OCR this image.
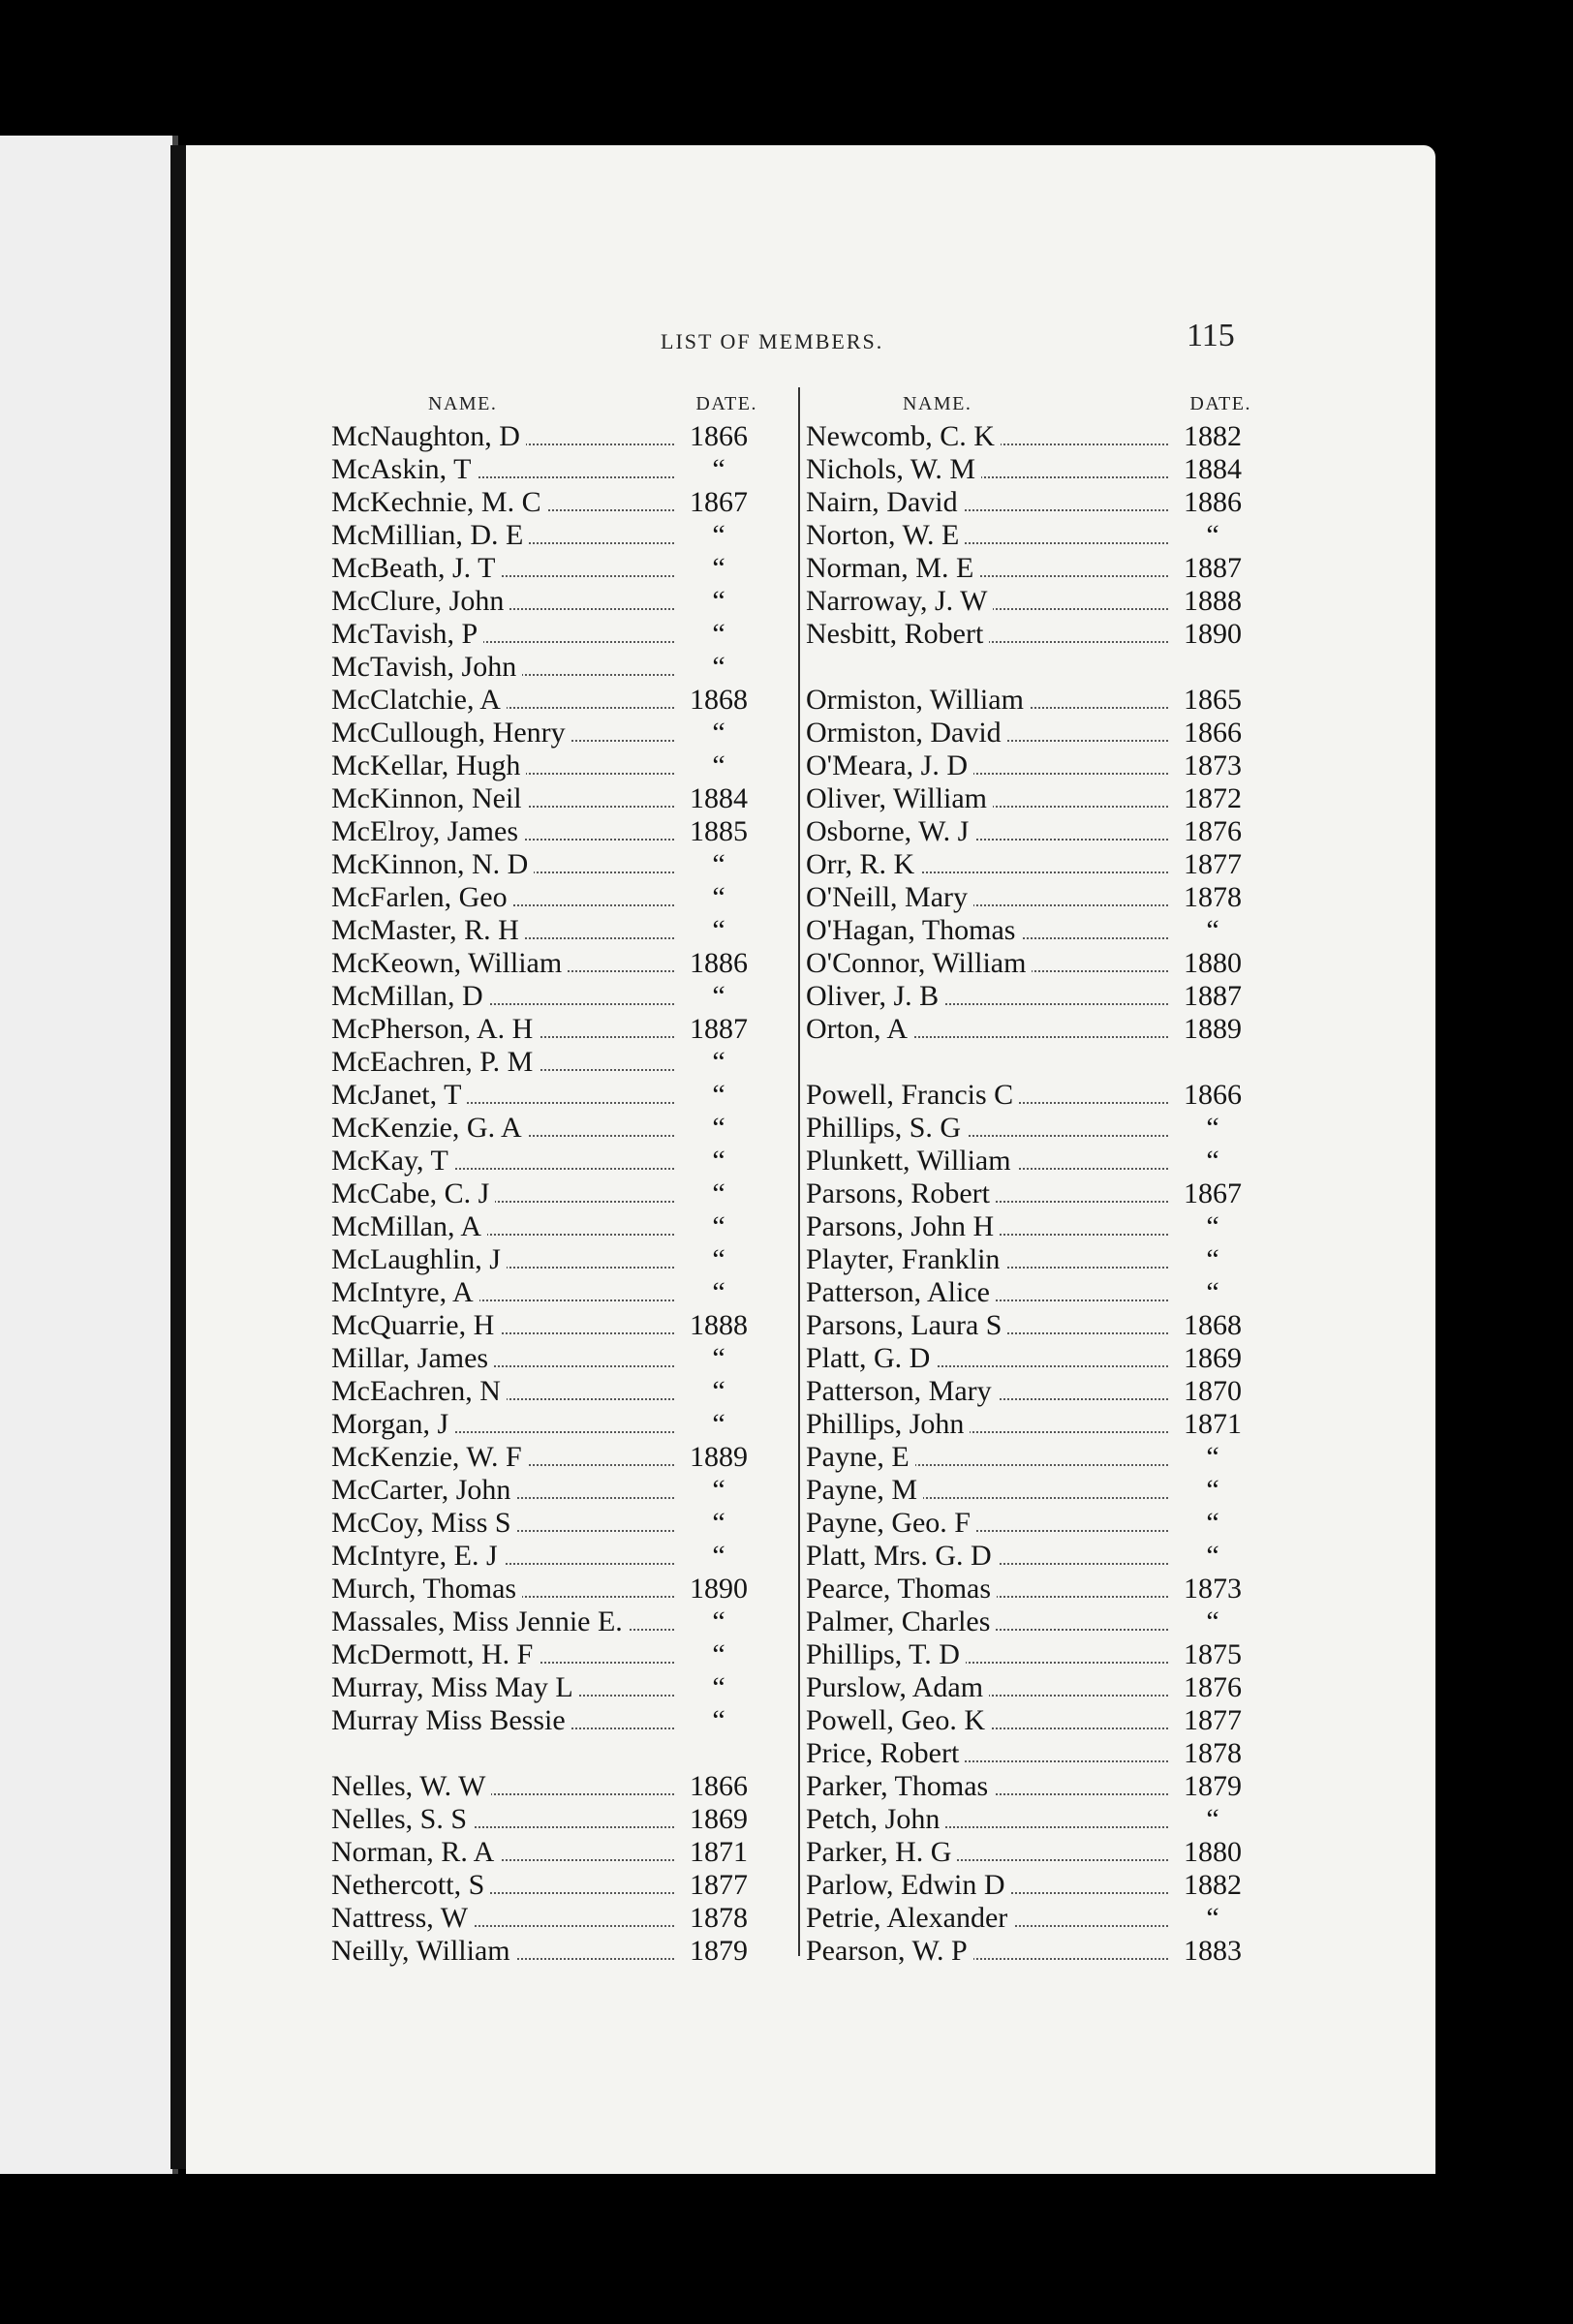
LIST OF MEMBERS.	115
NAME.	DATE.
McNaughton, D	1866
McAskin, T	“
McKechnie, M. C	1867
McMillian, D. E	“
McBeath, J. T	“
McClure, John	“
McTavish, P	“
McTavish, John	“
McClatchie, A	1868
McCullough, Henry	“
McKellar, Hugh	“
McKinnon, Neil	1884
McElroy, James	1885
McKinnon, N. D	“
McFarlen, Geo	“
McMaster, R. H	“
McKeown, William	1886
McMillan, D	“
McPherson, A. H	1887
McEachren, P. M	“
McJanet, T	“
McKenzie, G. A	“
McKay, T	“
McCabe, C. J	“
McMillan, A	“
McLaughlin, J	“
McIntyre, A	“
McQuarrie, H	1888
Millar, James	“
McEachren, N	“
Morgan, J	“
McKenzie, W. F	1889
McCarter, John	“
McCoy, Miss S	“
McIntyre, E. J	“
Murch, Thomas	1890
Massales, Miss Jennie E.	“
McDermott, H. F	“
Murray, Miss May L	“
Murray Miss Bessie	“
Nelles, W. W	1866
Nelles, S. S	1869
Norman, R. A	1871
Nethercott, S	1877
Nattress, W	1878
Neilly, William	1879
NAME.	DATE.
Newcomb, C. K	1882
Nichols, W. M	1884
Nairn, David	1886
Norton, W. E	“
Norman, M. E	1887
Narroway, J. W	1888
Nesbitt, Robert	1890
Ormiston, William	1865
Ormiston, David	1866
O'Meara, J. D	1873
Oliver, William	1872
Osborne, W. J	1876
Orr, R. K	1877
O'Neill, Mary	1878
O'Hagan, Thomas	“
O'Connor, William	1880
Oliver, J. B	1887
Orton, A	1889
Powell, Francis C	1866
Phillips, S. G	“
Plunkett, William	“
Parsons, Robert	1867
Parsons, John H	“
Playter, Franklin	“
Patterson, Alice	“
Parsons, Laura S	1868
Platt, G. D	1869
Patterson, Mary	1870
Phillips, John	1871
Payne, E	“
Payne, M	“
Payne, Geo. F	“
Platt, Mrs. G. D	“
Pearce, Thomas	1873
Palmer, Charles	“
Phillips, T. D	1875
Purslow, Adam	1876
Powell, Geo. K	1877
Price, Robert	1878
Parker, Thomas	1879
Petch, John	“
Parker, H. G	1880
Parlow, Edwin D	1882
Petrie, Alexander	“
Pearson, W. P	1883
